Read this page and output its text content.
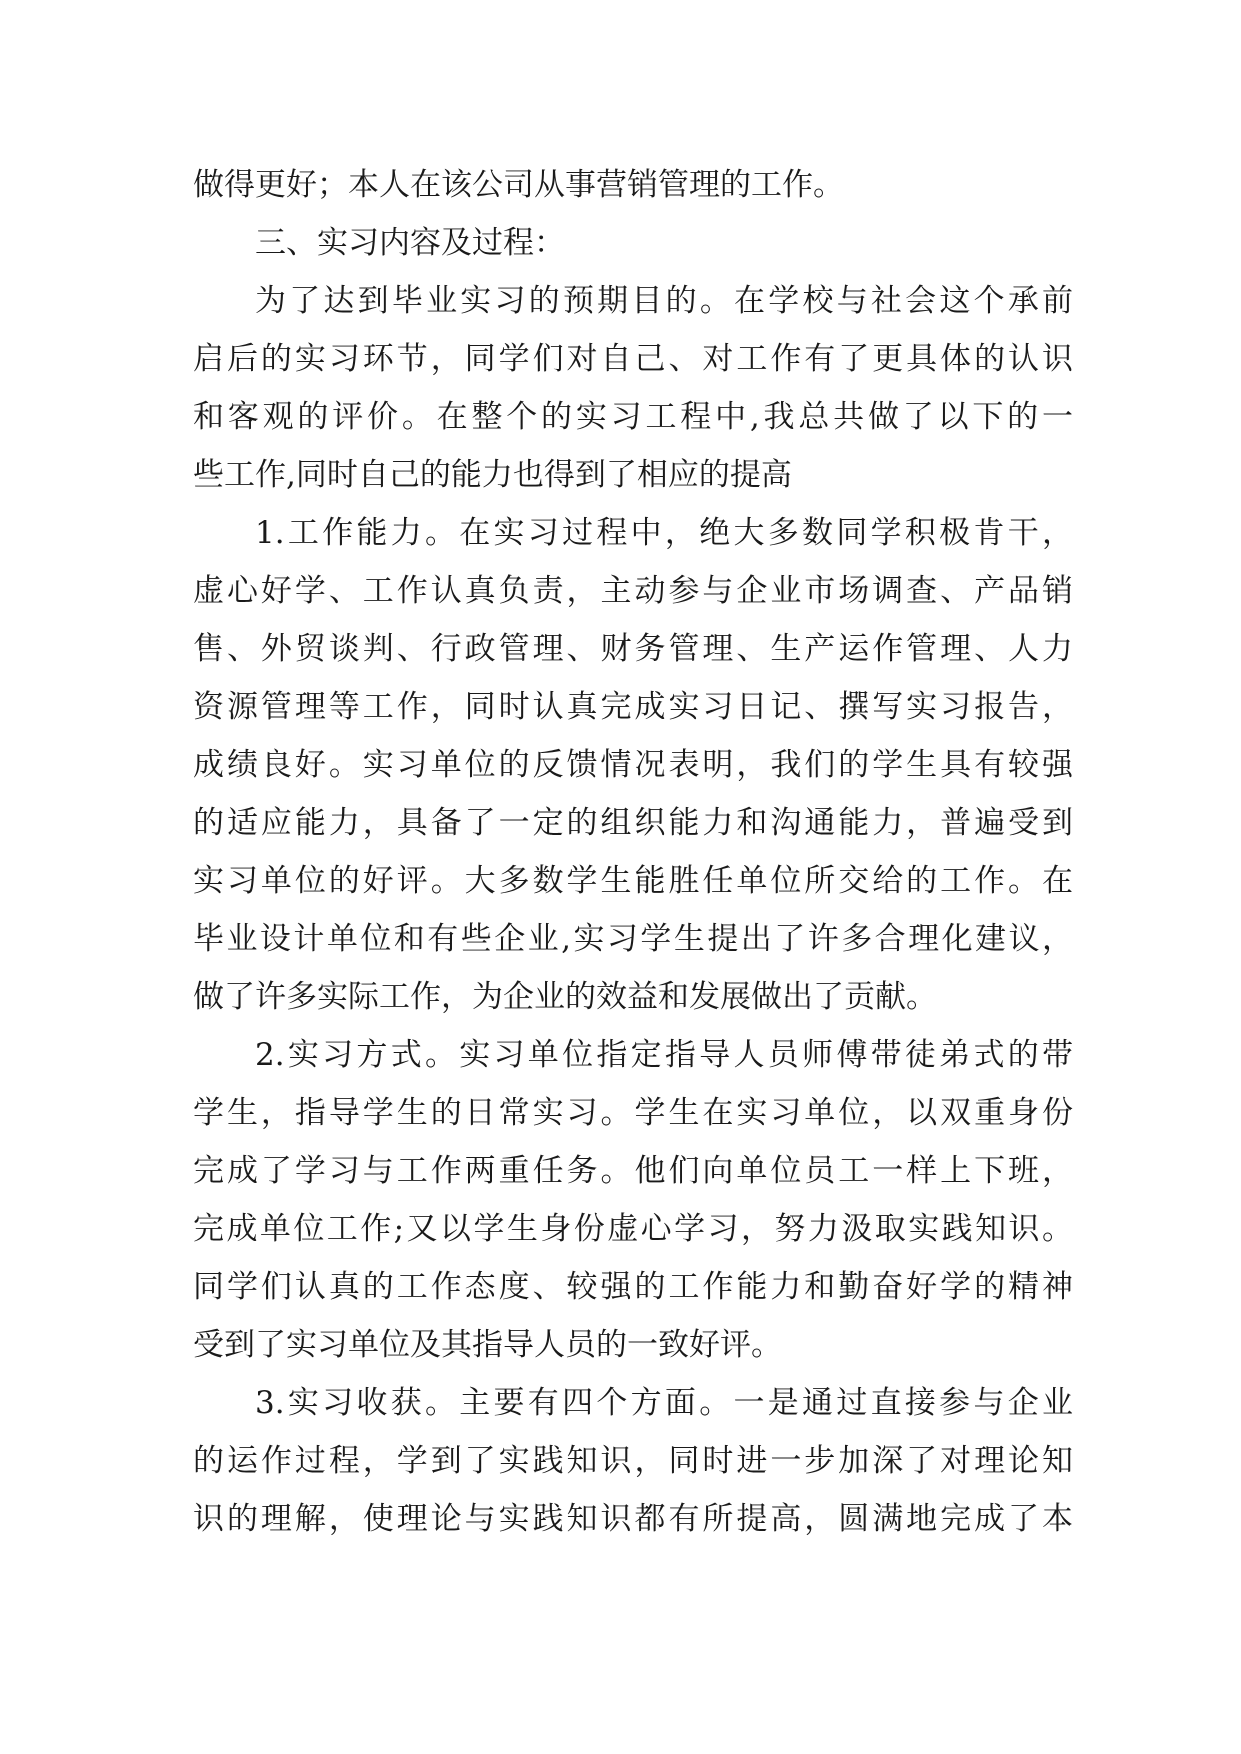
做得更好；本人在该公司从事营销管理的工作。
三、实习内容及过程：
为了达到毕业实习的预期目的。在学校与社会这个承前
启后的实习环节，同学们对自己、对工作有了更具体的认识
和客观的评价。在整个的实习工程中,我总共做了以下的一
些工作,同时自己的能力也得到了相应的提高
1.工作能力。在实习过程中，绝大多数同学积极肯干，
虚心好学、工作认真负责，主动参与企业市场调查、产品销
售、外贸谈判、行政管理、财务管理、生产运作管理、人力
资源管理等工作，同时认真完成实习日记、撰写实习报告，
成绩良好。实习单位的反馈情况表明，我们的学生具有较强
的适应能力，具备了一定的组织能力和沟通能力，普遍受到
实习单位的好评。大多数学生能胜任单位所交给的工作。在
毕业设计单位和有些企业,实习学生提出了许多合理化建议，
做了许多实际工作，为企业的效益和发展做出了贡献。
2.实习方式。实习单位指定指导人员师傅带徒弟式的带
学生，指导学生的日常实习。学生在实习单位，以双重身份
完成了学习与工作两重任务。他们向单位员工一样上下班，
完成单位工作;又以学生身份虚心学习，努力汲取实践知识。
同学们认真的工作态度、较强的工作能力和勤奋好学的精神
受到了实习单位及其指导人员的一致好评。
3.实习收获。主要有四个方面。一是通过直接参与企业
的运作过程，学到了实践知识，同时进一步加深了对理论知
识的理解，使理论与实践知识都有所提高，圆满地完成了本
